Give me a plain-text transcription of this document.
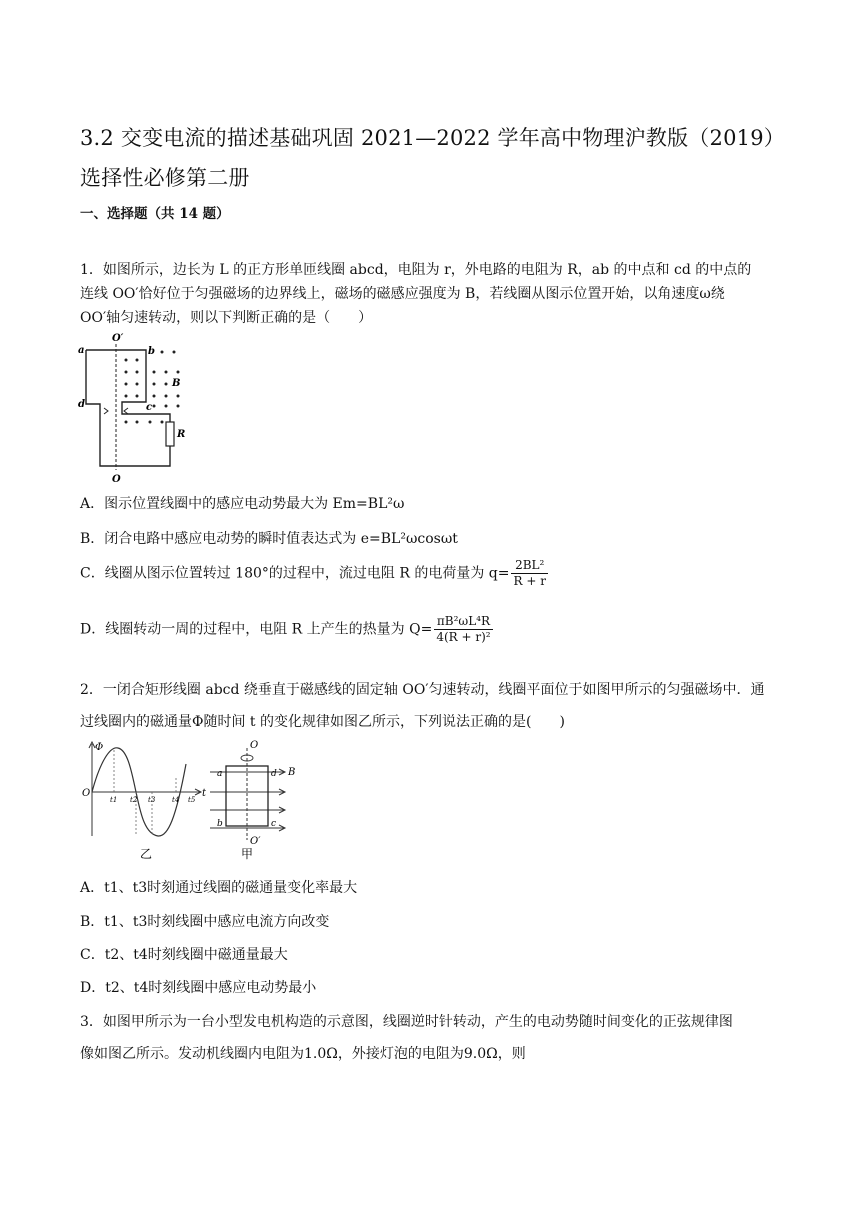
3.2 交变电流的描述基础巩固 2021—2022 学年高中物理沪教版（2019）选择性必修第二册
一、选择题（共 14 题）
1．如图所示，边长为 L 的正方形单匝线圈 abcd，电阻为 r，外电路的电阻为 R，ab 的中点和 cd 的中点的
连线 OO′恰好位于匀强磁场的边界线上，磁场的磁感应强度为 B，若线圈从图示位置开始，以角速度ω绕
OO′轴匀速转动，则以下判断正确的是（　　）
O′
a	b
B
d	c
R
O
A．图示位置线圈中的感应电动势最大为 Em=BL²ω
B．闭合电路中感应电动势的瞬时值表达式为 e=BL²ωcosωt
C．线圈从图示位置转过 180°的过程中，流过电阻 R 的电荷量为 $q= \frac{\text{2BL²}}{R + r}$
D．线圈转动一周的过程中，电阻 R 上产生的热量为 $Q= \frac{\text{πB²ωL⁴R}}{\text{4(R + r)²}}$
2．一闭合矩形线圈 abcd 绕垂直于磁感线的固定轴 OO′匀速转动，线圈平面位于如图甲所示的匀强磁场中．通
过线圈内的磁通量Φ随时间 t 的变化规律如图乙所示，下列说法正确的是(　　)
Φ
O	t
t1 t2 t3 t4 t5
乙
O
B
a	d
b	c
O′
甲
A．t1、t3时刻通过线圈的磁通量变化率最大
B．t1、t3时刻线圈中感应电流方向改变
C．t2、t4时刻线圈中磁通量最大
D．t2、t4时刻线圈中感应电动势最小
3．如图甲所示为一台小型发电机构造的示意图，线圈逆时针转动，产生的电动势随时间变化的正弦规律图
像如图乙所示。发动机线圈内电阻为1.0Ω，外接灯泡的电阻为9.0Ω，则
